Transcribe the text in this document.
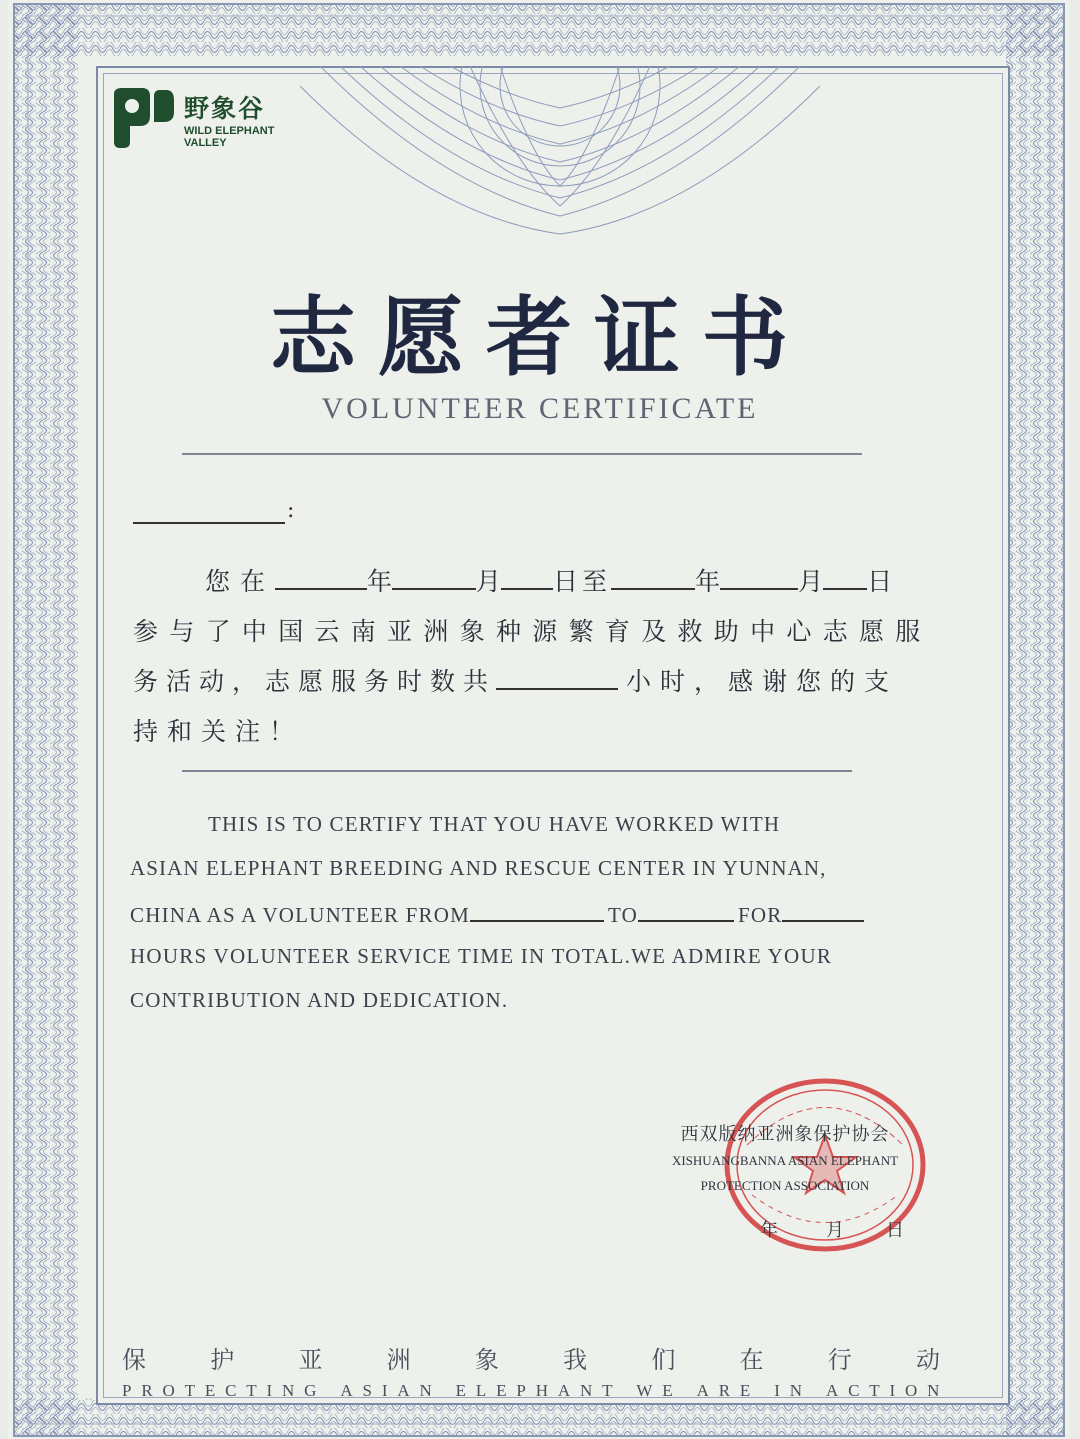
野象谷
WILD ELEPHANT
VALLEY
志愿者证书
VOLUNTEER CERTIFICATE
:
您在	年	月 日至	年	月 日
参与了中国云南亚洲象种源繁育及救助中心志愿服
务活动，志愿服务时数共	小时，感谢您的支
持和关注！
THIS IS TO CERTIFY THAT YOU HAVE WORKED WITH
ASIAN ELEPHANT BREEDING AND RESCUE CENTER IN YUNNAN,
CHINA AS A VOLUNTEER FROM	TO	FOR
HOURS VOLUNTEER SERVICE TIME IN TOTAL.WE ADMIRE YOUR
CONTRIBUTION AND DEDICATION.
西双版纳亚洲象保护协会
XISHUANGBANNA ASIAN ELEPHANT
PROTECTION ASSOCIATION
年	月 日
保	护	亚	洲	象	我	们	在	行	动
P R O T E C T I N G
A S I A N
E L E P H A N T
W E
A R E
I N
A C T I O N
